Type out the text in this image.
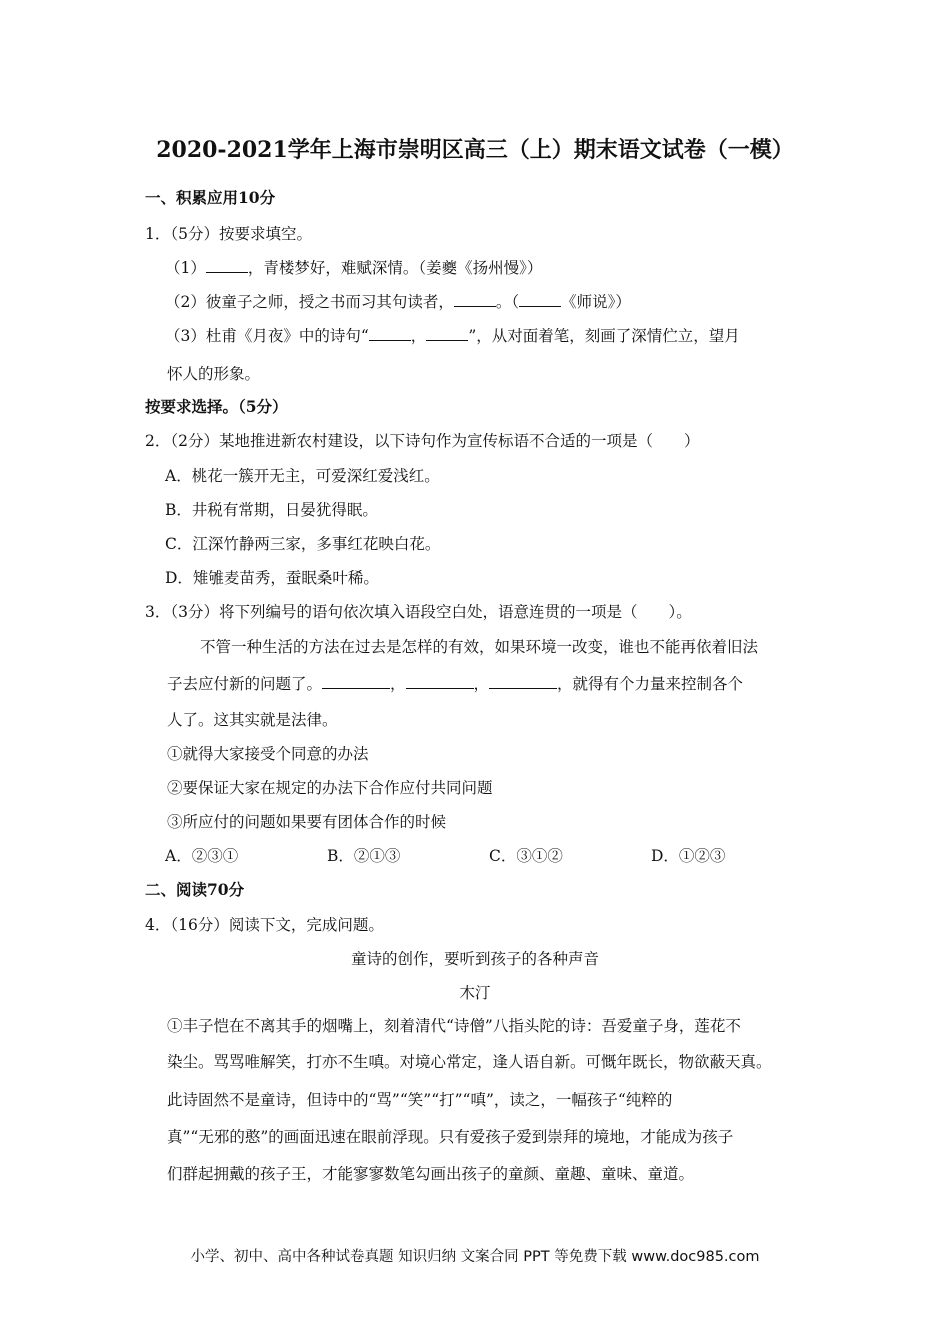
2020-2021学年上海市崇明区高三（上）期末语文试卷（一模）
一、积累应用10分
1．（5分）按要求填空。
（1）	，青楼梦好，难赋深情。（姜夔《扬州慢》）
（2）彼童子之师，授之书而习其句读者，	。（	《师说》）
（3）杜甫《月夜》中的诗句“	，	”，从对面着笔，刻画了深情伫立，望月
怀人的形象。
按要求选择。（5分）
2．（2分）某地推进新农村建设，以下诗句作为宣传标语不合适的一项是（　　）
A．桃花一簇开无主，可爱深红爱浅红。
B．井税有常期，日晏犹得眠。
C．江深竹静两三家，多事红花映白花。
D．雉雊麦苗秀，蚕眠桑叶稀。
3．（3分）将下列编号的语句依次填入语段空白处，语意连贯的一项是（　　）。
不管一种生活的方法在过去是怎样的有效，如果环境一改变，谁也不能再依着旧法
子去应付新的问题了。	，	，	，就得有个力量来控制各个
人了。这其实就是法律。
①就得大家接受个同意的办法
②要保证大家在规定的办法下合作应付共同问题
③所应付的问题如果要有团体合作的时候
A．②③①	B．②①③	C．③①②	D．①②③
二、阅读70分
4．（16分）阅读下文，完成问题。
童诗的创作，要听到孩子的各种声音
木汀
①丰子恺在不离其手的烟嘴上，刻着清代“诗僧”八指头陀的诗：吾爱童子身，莲花不
染尘。骂骂唯解笑，打亦不生嗔。对境心常定，逢人语自新。可慨年既长，物欲蔽天真。
此诗固然不是童诗，但诗中的“骂”“笑”“打”“嗔”，读之，一幅孩子“纯粹的
真”“无邪的憨”的画面迅速在眼前浮现。只有爱孩子爱到崇拜的境地，才能成为孩子
们群起拥戴的孩子王，才能寥寥数笔勾画出孩子的童颜、童趣、童味、童道。
小学、初中、高中各种试卷真题 知识归纳 文案合同 PPT 等免费下载 www.doc985.com
